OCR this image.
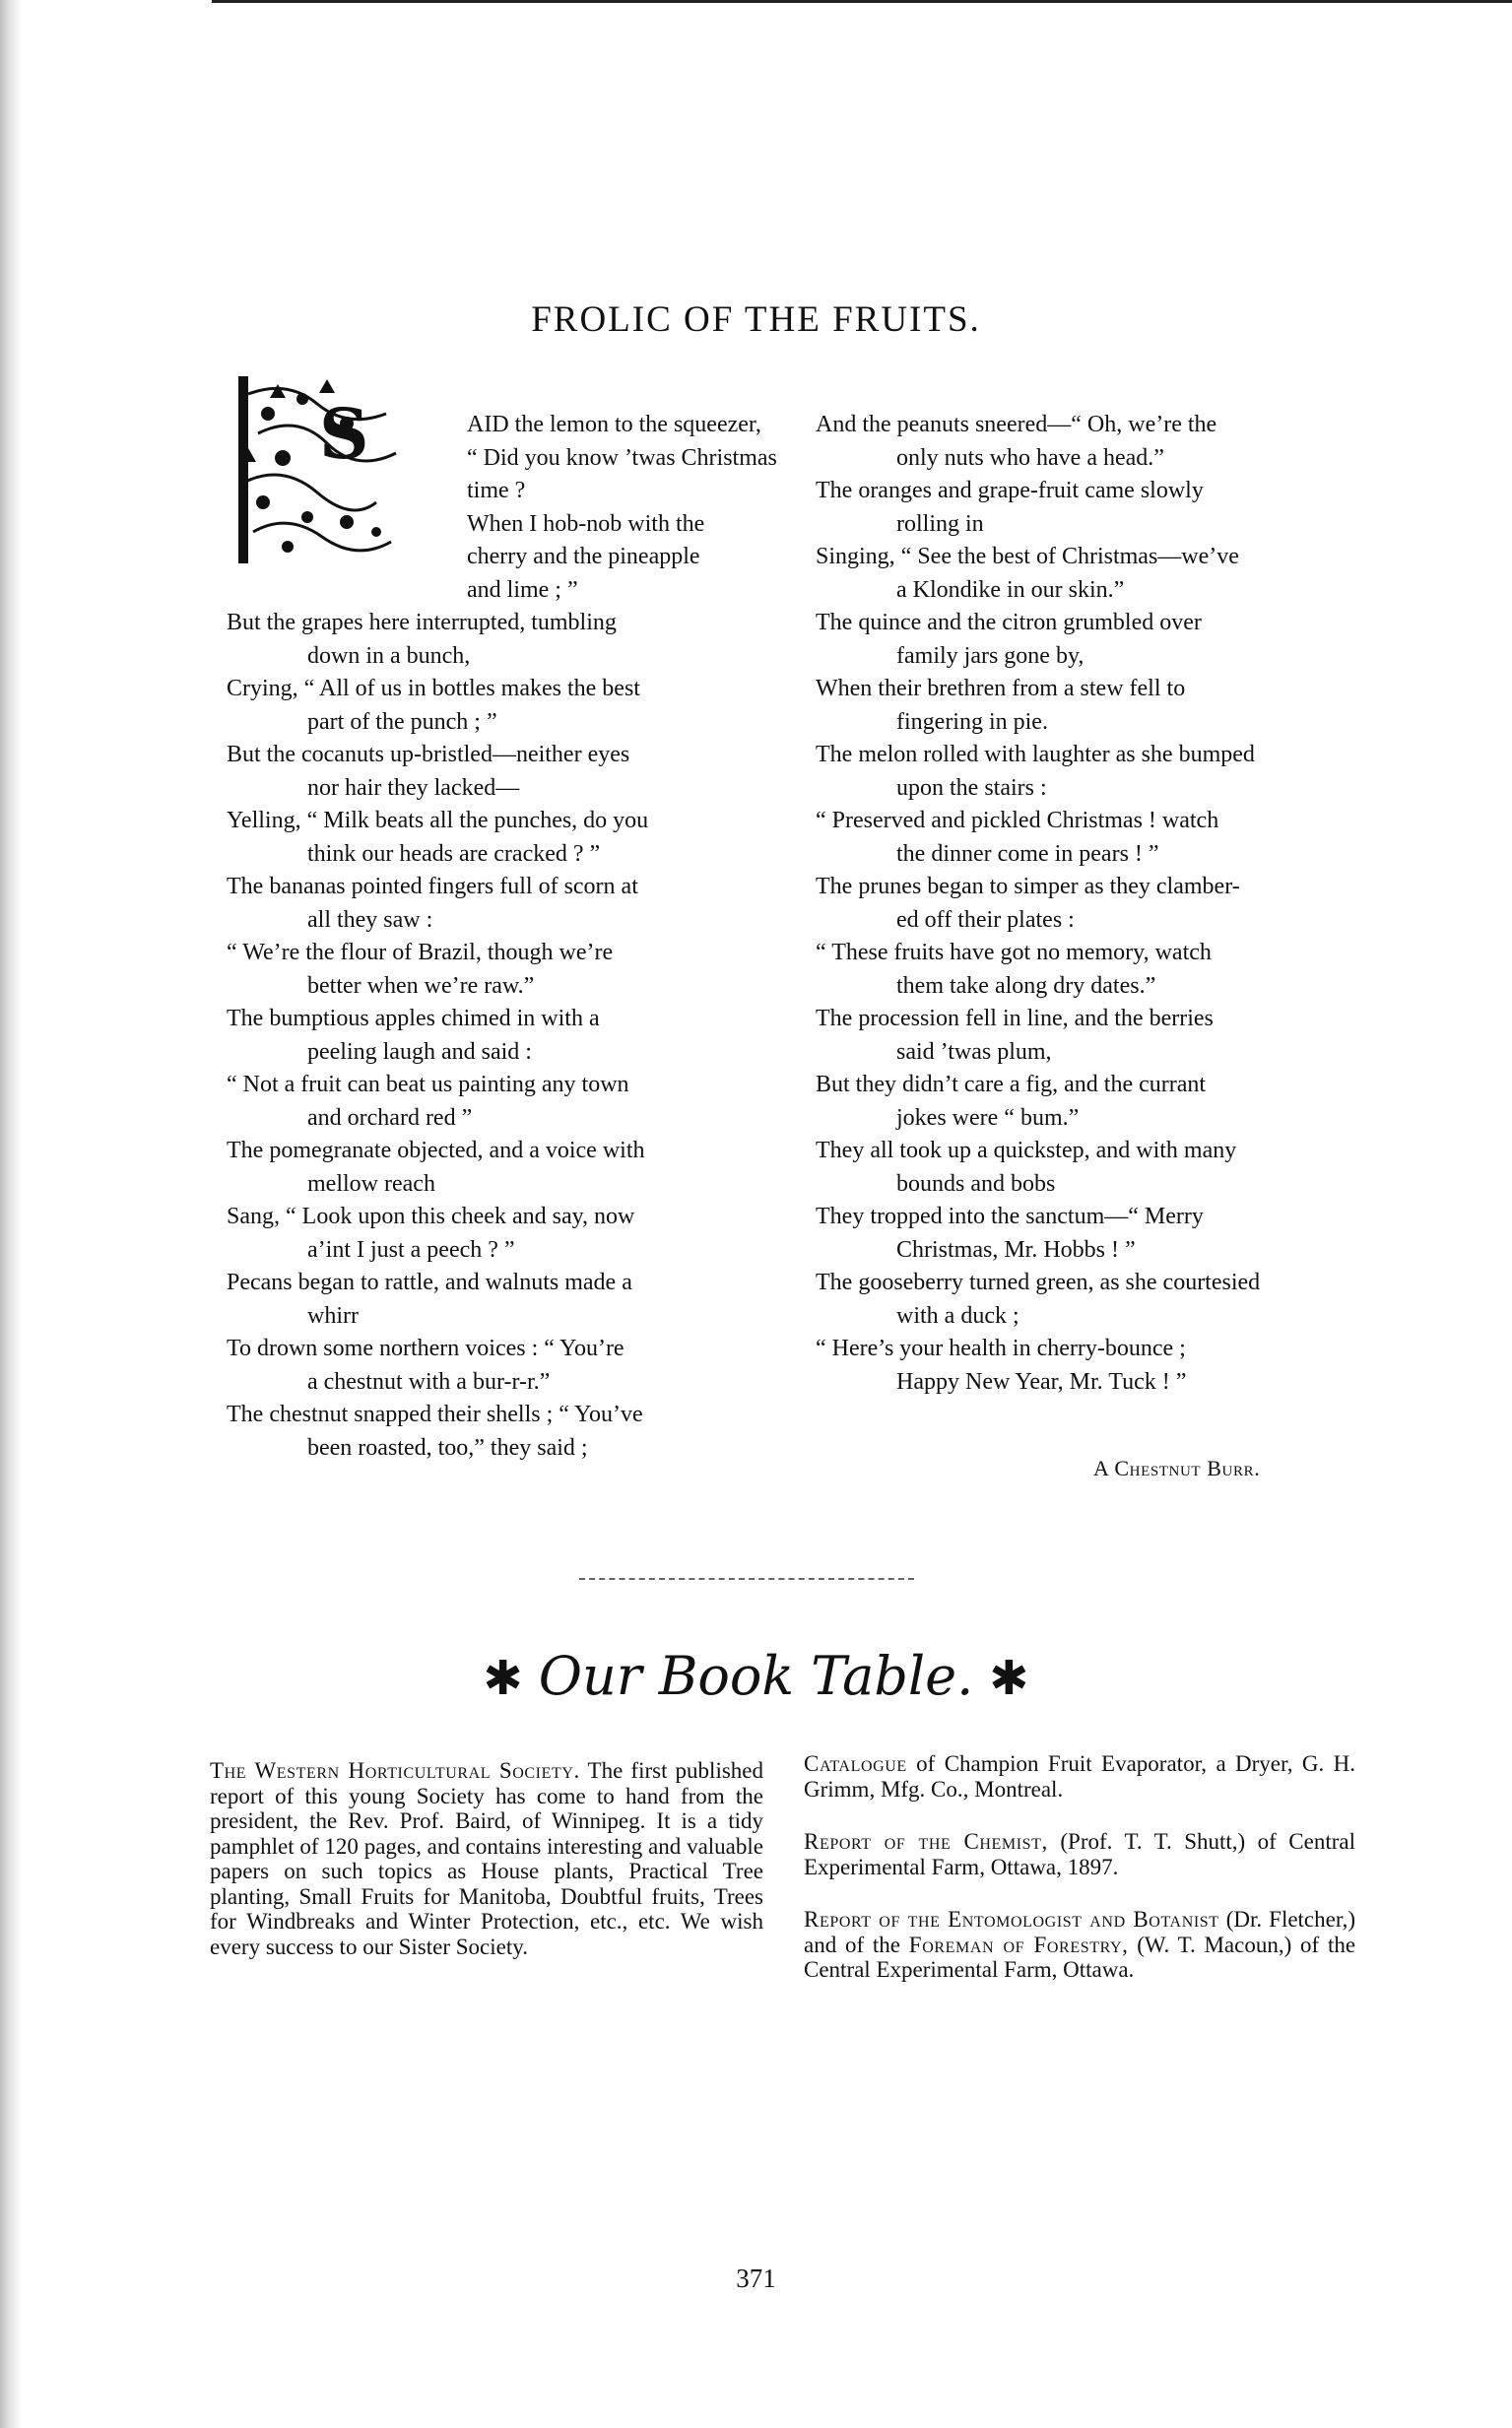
FROLIC OF THE FRUITS.
S	AID the lemon to the squeezer,
“ Did you know ’twas Christmas
time ?
When I hob-nob with the
cherry and the pineapple
and lime ; ”
But the grapes here interrupted, tumbling
down in a bunch,
Crying, “ All of us in bottles makes the best
part of the punch ; ”
But the cocanuts up-bristled—neither eyes
nor hair they lacked—
Yelling, “ Milk beats all the punches, do you
think our heads are cracked ? ”
The bananas pointed fingers full of scorn at
all they saw :
“ We’re the flour of Brazil, though we’re
better when we’re raw.”
The bumptious apples chimed in with a
peeling laugh and said :
“ Not a fruit can beat us painting any town
and orchard red ”
The pomegranate objected, and a voice with
mellow reach
Sang, “ Look upon this cheek and say, now
a’int I just a peech ? ”
Pecans began to rattle, and walnuts made a
whirr
To drown some northern voices : “ You’re
a chestnut with a bur-r-r.”
The chestnut snapped their shells ; “ You’ve
been roasted, too,” they said ;
And the peanuts sneered—“ Oh, we’re the
only nuts who have a head.”
The oranges and grape-fruit came slowly
rolling in
Singing, “ See the best of Christmas—we’ve
a Klondike in our skin.”
The quince and the citron grumbled over
family jars gone by,
When their brethren from a stew fell to
fingering in pie.
The melon rolled with laughter as she bumped
upon the stairs :
“ Preserved and pickled Christmas ! watch
the dinner come in pears ! ”
The prunes began to simper as they clamber-
ed off their plates :
“ These fruits have got no memory, watch
them take along dry dates.”
The procession fell in line, and the berries
said ’twas plum,
But they didn’t care a fig, and the currant
jokes were “ bum.”
They all took up a quickstep, and with many
bounds and bobs
They tropped into the sanctum—“ Merry
Christmas, Mr. Hobbs ! ”
The gooseberry turned green, as she courtesied
with a duck ;
“ Here’s your health in cherry-bounce ;
Happy New Year, Mr. Tuck ! ”
A Chestnut Burr.
✱ Our Book Table. ✱

The Western Horticultural Society. The first published report of this young Society has come to hand from the president, the Rev. Prof. Baird, of Winnipeg. It is a tidy pamphlet of 120 pages, and contains interesting and valuable papers on such topics as House plants, Practical Tree planting, Small Fruits for Manitoba, Doubtful fruits, Trees for Windbreaks and Winter Protection, etc., etc. We wish every success to our Sister Society.

Catalogue of Champion Fruit Evaporator, a Dryer, G. H. Grimm, Mfg. Co., Montreal.

Report of the Chemist, (Prof. T. T. Shutt,) of Central Experimental Farm, Ottawa, 1897.

Report of the Entomologist and Botanist (Dr. Fletcher,) and of the Foreman of Forestry, (W. T. Macoun,) of the Central Experimental Farm, Ottawa.

371
